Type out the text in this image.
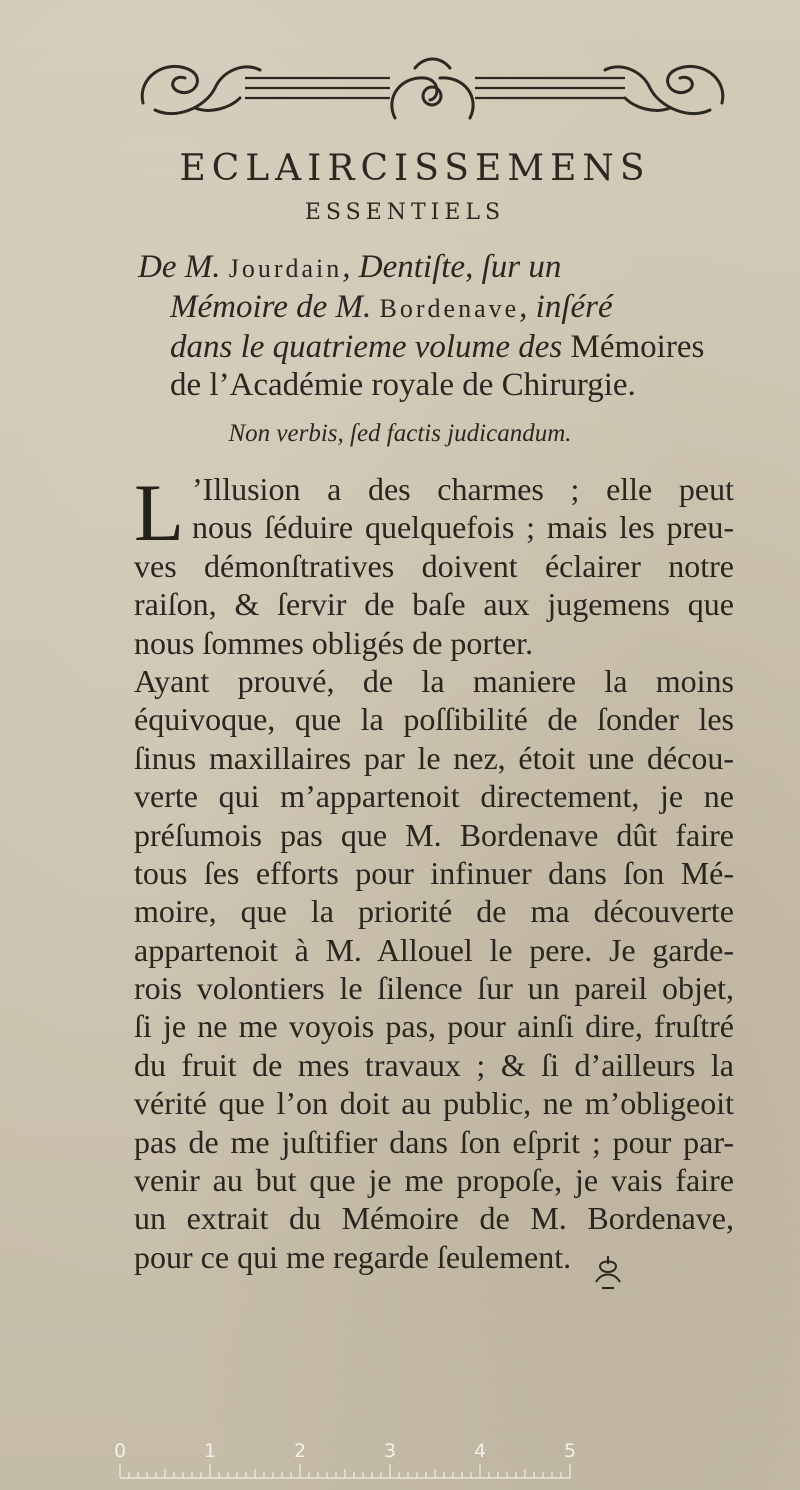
ECLAIRCISSEMENS
ESSENTIELS
De M. Jourdain, Dentiſte, ſur un
Mémoire de M. Bordenave, inſéré
dans le quatrieme volume des Mémoires
de l’Académie royale de Chirurgie.
Non verbis, ſed factis judicandum.
L ’Illusion a des charmes ; elle peut
nous ſéduire quelquefois ; mais les preu-
ves démonſtratives doivent éclairer notre
raiſon, & ſervir de baſe aux jugemens que
nous ſommes obligés de porter.
Ayant prouvé, de la maniere la moins
équivoque, que la poſſibilité de ſonder les
ſinus maxillaires par le nez, étoit une décou-
verte qui m’appartenoit directement, je ne
préſumois pas que M. Bordenave dût faire
tous ſes efforts pour infinuer dans ſon Mé-
moire, que la priorité de ma découverte
appartenoit à M. Allouel le pere. Je garde-
rois volontiers le ſilence ſur un pareil objet,
ſi je ne me voyois pas, pour ainſi dire, fruſtré
du fruit de mes travaux ; & ſi d’ailleurs la
vérité que l’on doit au public, ne m’obligeoit
pas de me juſtifier dans ſon eſprit ; pour par-
venir au but que je me propoſe, je vais faire
un extrait du Mémoire de M. Bordenave,
pour ce qui me regarde ſeulement.
0	1	2	3	4	5
